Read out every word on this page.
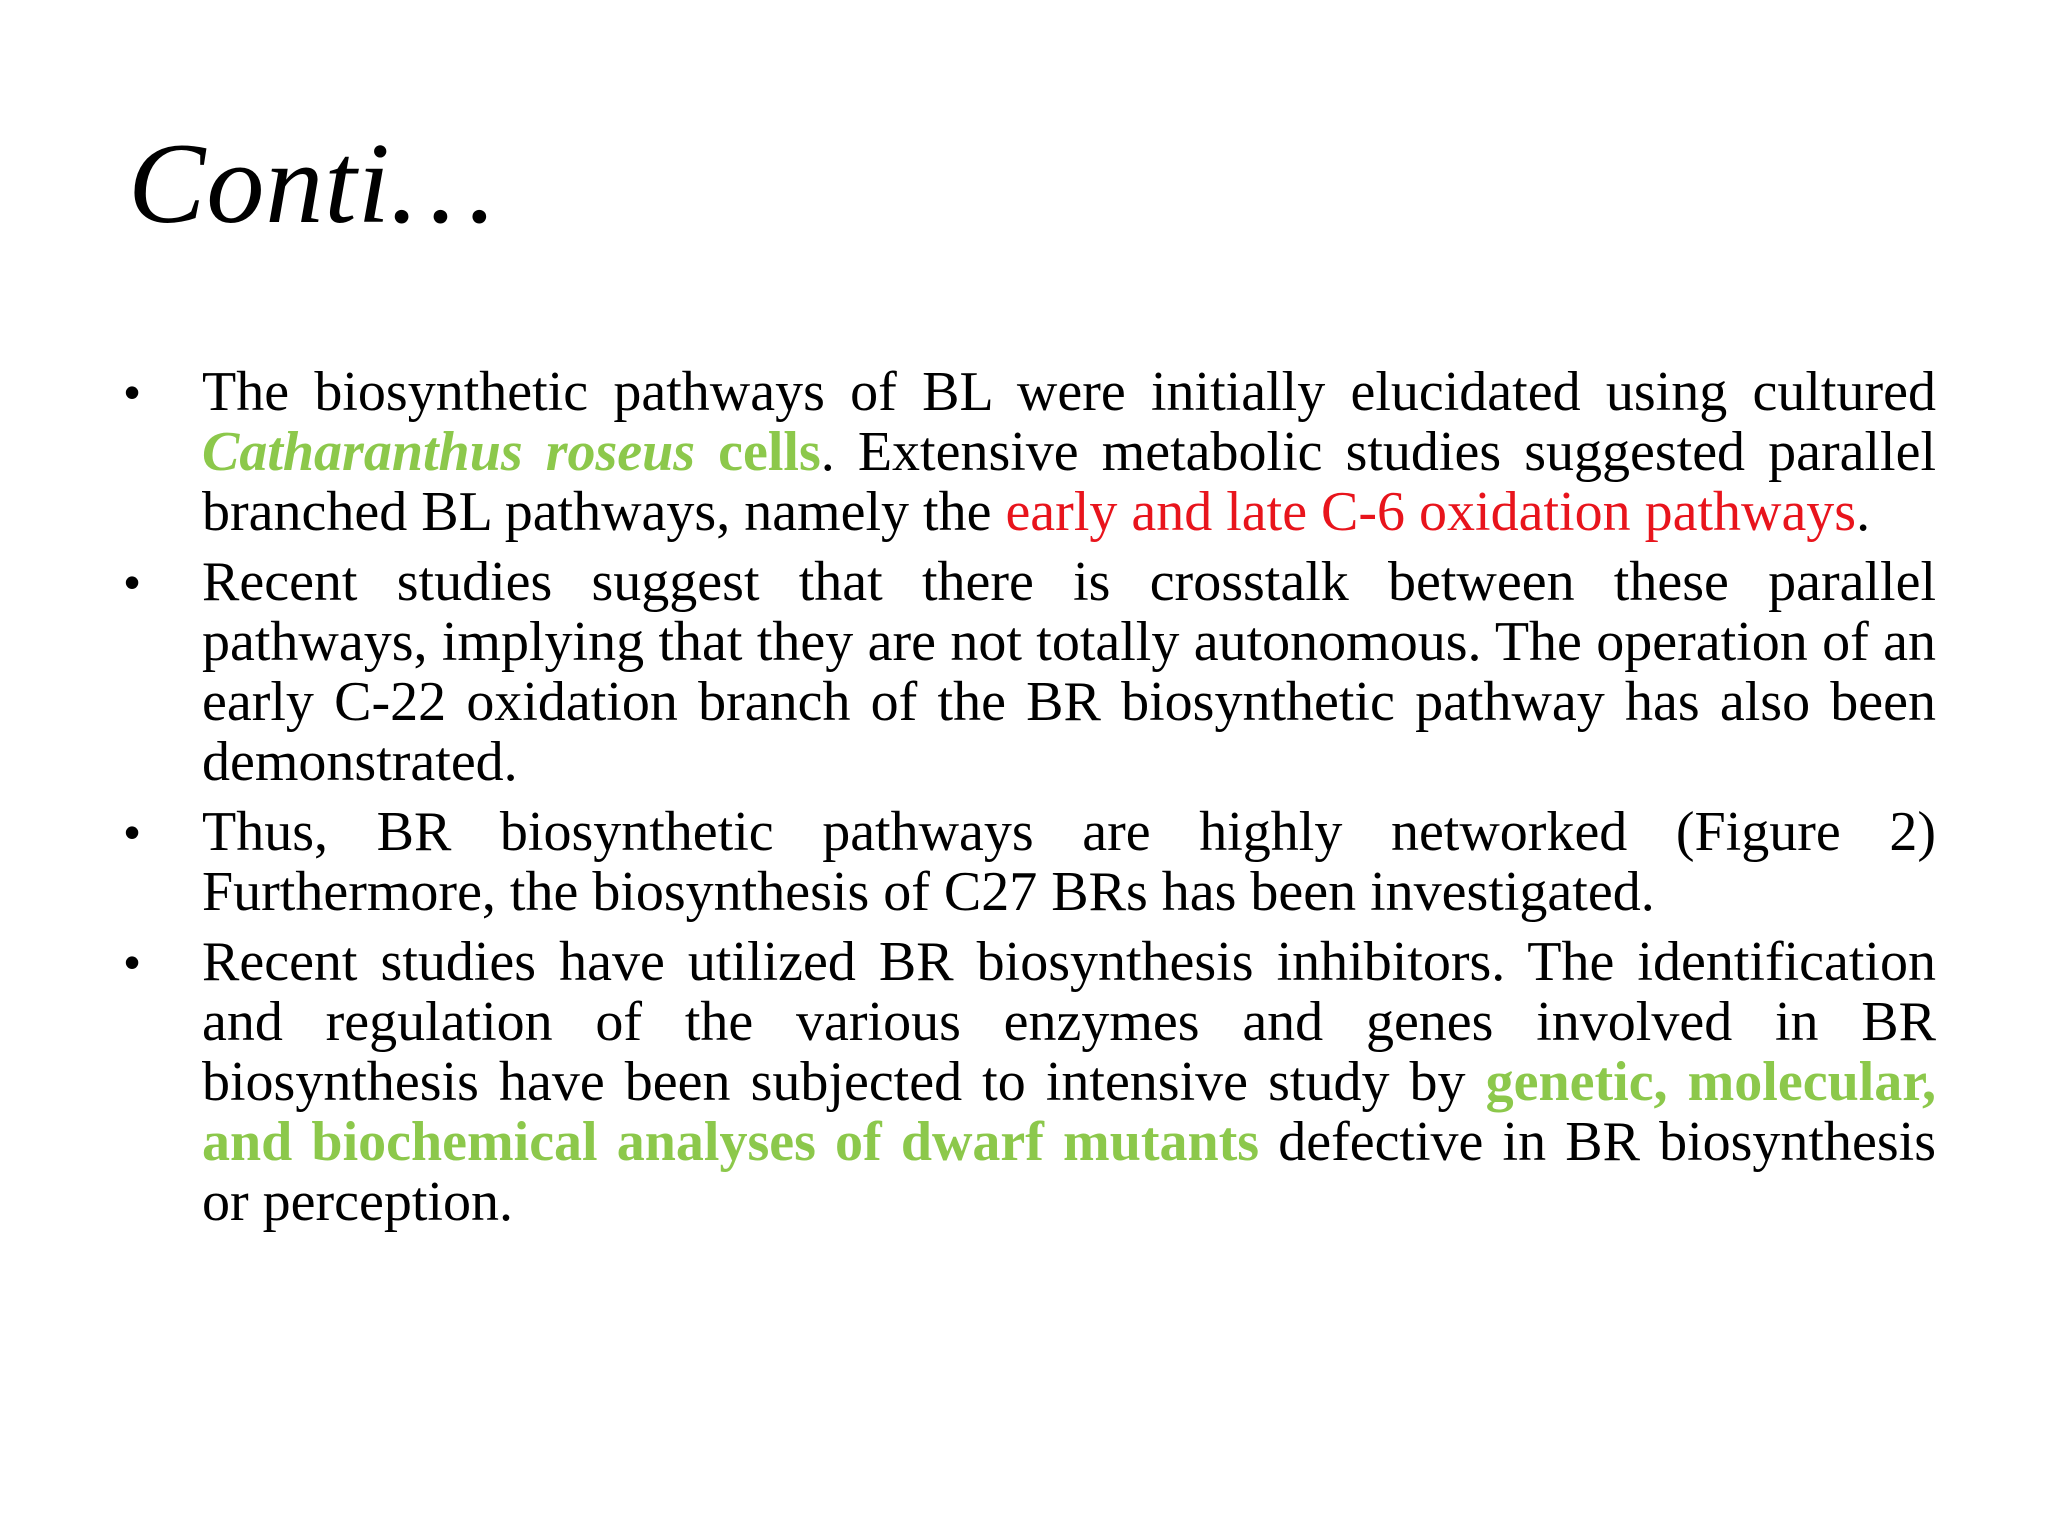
Conti…
•	The biosynthetic pathways of BL were initially elucidated using cultured Catharanthus roseus cells. Extensive metabolic studies suggested parallel branched BL pathways, namely the early and late C-6 oxidation pathways.
•	Recent studies suggest that there is crosstalk between these parallel pathways, implying that they are not totally autonomous. The operation of an early C-22 oxidation branch of the BR biosynthetic pathway has also been demonstrated.
•	Thus, BR biosynthetic pathways are highly networked (Figure 2) Furthermore, the biosynthesis of C27 BRs has been investigated.
•	Recent studies have utilized BR biosynthesis inhibitors. The identification and regulation of the various enzymes and genes involved in BR biosynthesis have been subjected to intensive study by genetic, molecular, and biochemical analyses of dwarf mutants defective in BR biosynthesis or perception.
